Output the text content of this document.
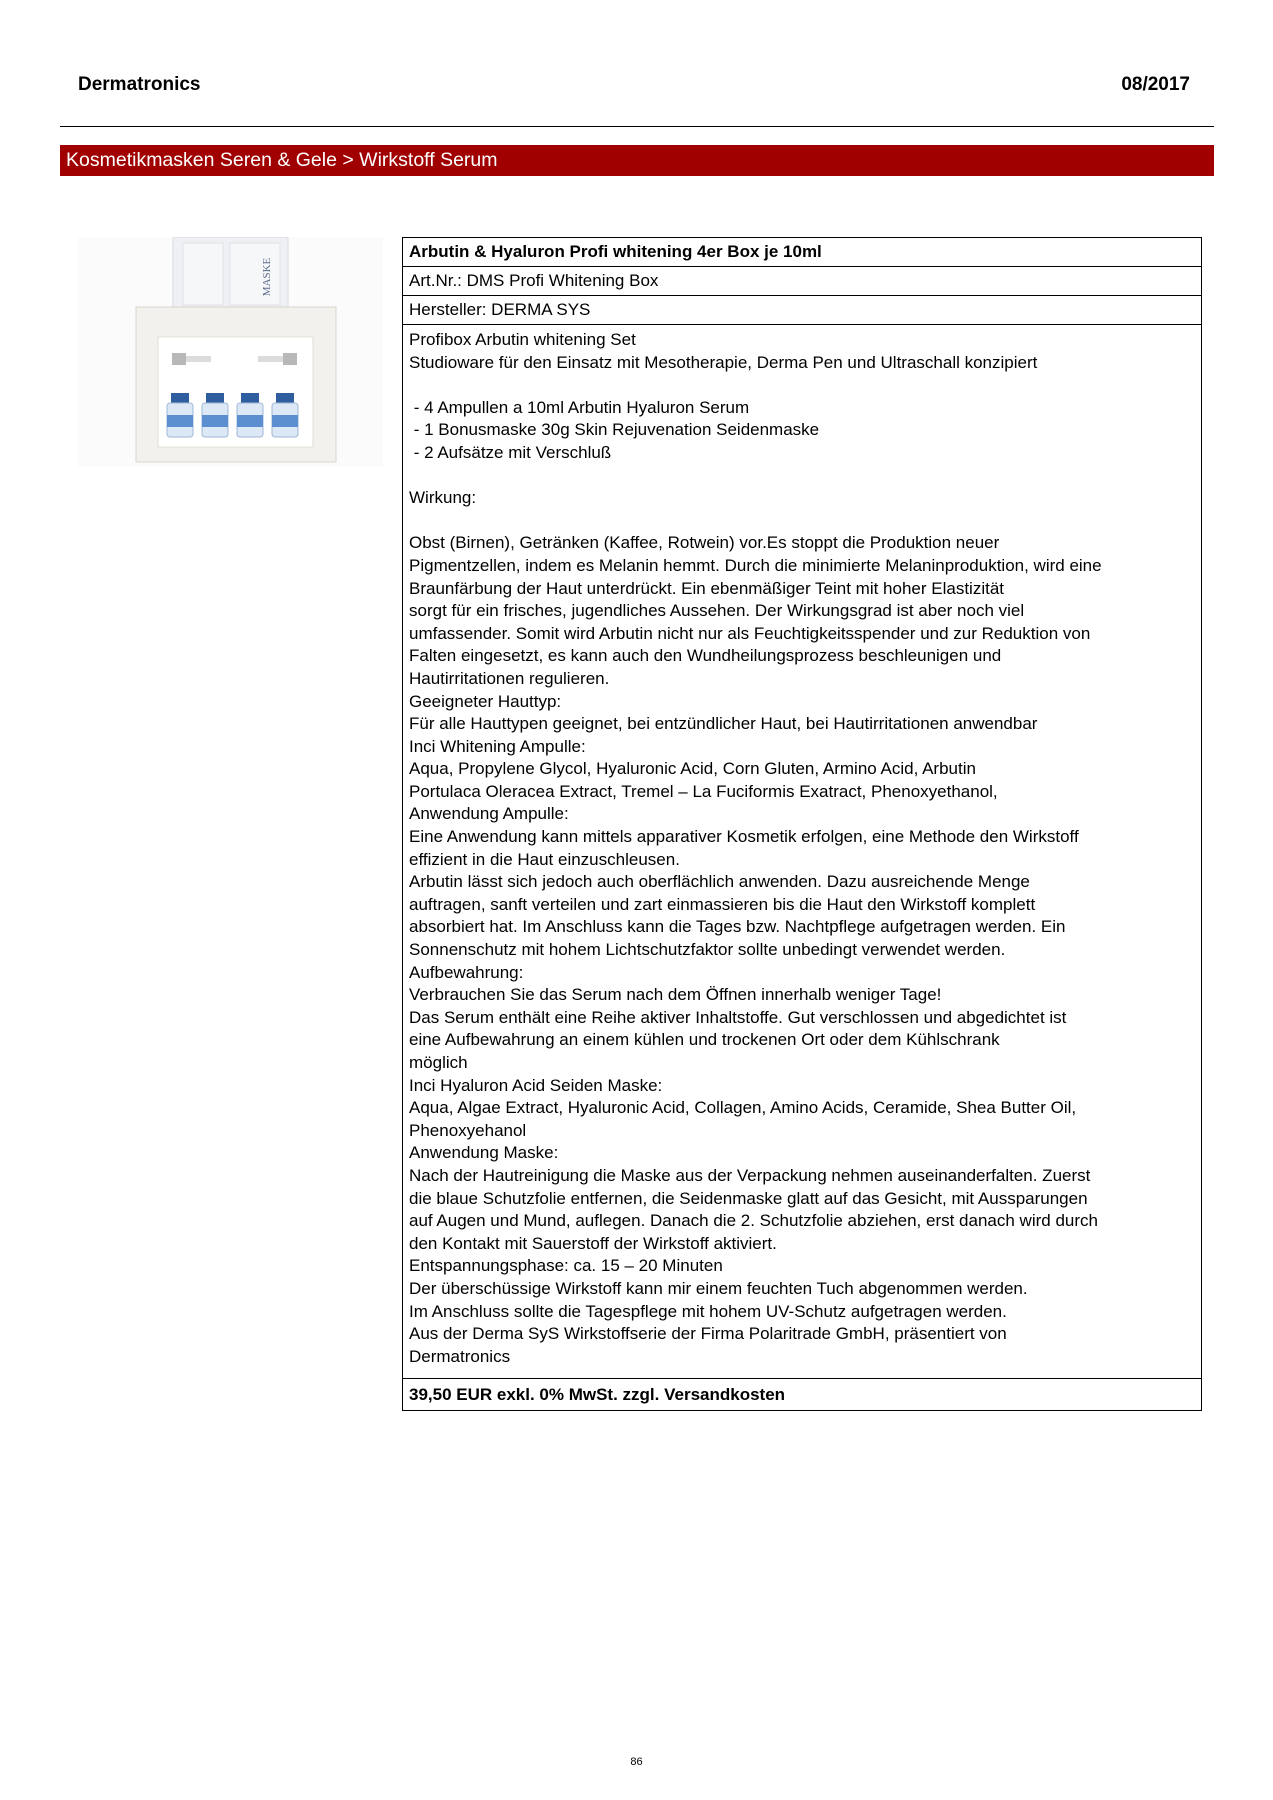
Dermatronics	08/2017
Kosmetikmasken Seren & Gele > Wirkstoff Serum
MASKE
Arbutin & Hyaluron Profi whitening 4er Box je 10ml
Art.Nr.: DMS Profi Whitening Box
Hersteller: DERMA SYS
Profibox Arbutin whitening Set
Studioware für den Einsatz mit Mesotherapie, Derma Pen und Ultraschall konzipiert
- 4 Ampullen a 10ml Arbutin Hyaluron Serum
- 1 Bonusmaske 30g Skin Rejuvenation Seidenmaske
- 2 Aufsätze mit Verschluß
Wirkung:
Obst (Birnen), Getränken (Kaffee, Rotwein) vor.Es stoppt die Produktion neuer
Pigmentzellen, indem es Melanin hemmt. Durch die minimierte Melaninproduktion, wird eine
Braunfärbung der Haut unterdrückt. Ein ebenmäßiger Teint mit hoher Elastizität
sorgt für ein frisches, jugendliches Aussehen. Der Wirkungsgrad ist aber noch viel
umfassender. Somit wird Arbutin nicht nur als Feuchtigkeitsspender und zur Reduktion von
Falten eingesetzt, es kann auch den Wundheilungsprozess beschleunigen und
Hautirritationen regulieren.
Geeigneter Hauttyp:
Für alle Hauttypen geeignet, bei entzündlicher Haut, bei Hautirritationen anwendbar
Inci Whitening Ampulle:
Aqua, Propylene Glycol, Hyaluronic Acid, Corn Gluten, Armino Acid, Arbutin
Portulaca Oleracea Extract, Tremel – La Fuciformis Exatract, Phenoxyethanol,
Anwendung Ampulle:
Eine Anwendung kann mittels apparativer Kosmetik erfolgen, eine Methode den Wirkstoff
effizient in die Haut einzuschleusen.
Arbutin lässt sich jedoch auch oberflächlich anwenden. Dazu ausreichende Menge
auftragen, sanft verteilen und zart einmassieren bis die Haut den Wirkstoff komplett
absorbiert hat. Im Anschluss kann die Tages bzw. Nachtpflege aufgetragen werden. Ein
Sonnenschutz mit hohem Lichtschutzfaktor sollte unbedingt verwendet werden.
Aufbewahrung:
Verbrauchen Sie das Serum nach dem Öffnen innerhalb weniger Tage!
Das Serum enthält eine Reihe aktiver Inhaltstoffe. Gut verschlossen und abgedichtet ist
eine Aufbewahrung an einem kühlen und trockenen Ort oder dem Kühlschrank
möglich
Inci Hyaluron Acid Seiden Maske:
Aqua, Algae Extract, Hyaluronic Acid, Collagen, Amino Acids, Ceramide, Shea Butter Oil,
Phenoxyehanol
Anwendung Maske:
Nach der Hautreinigung die Maske aus der Verpackung nehmen auseinanderfalten. Zuerst
die blaue Schutzfolie entfernen, die Seidenmaske glatt auf das Gesicht, mit Aussparungen
auf Augen und Mund, auflegen. Danach die 2. Schutzfolie abziehen, erst danach wird durch
den Kontakt mit Sauerstoff der Wirkstoff aktiviert.
Entspannungsphase: ca. 15 – 20 Minuten
Der überschüssige Wirkstoff kann mir einem feuchten Tuch abgenommen werden.
Im Anschluss sollte die Tagespflege mit hohem UV-Schutz aufgetragen werden.
Aus der Derma SyS Wirkstoffserie der Firma Polaritrade GmbH, präsentiert von
Dermatronics
39,50 EUR exkl. 0% MwSt. zzgl. Versandkosten
86
